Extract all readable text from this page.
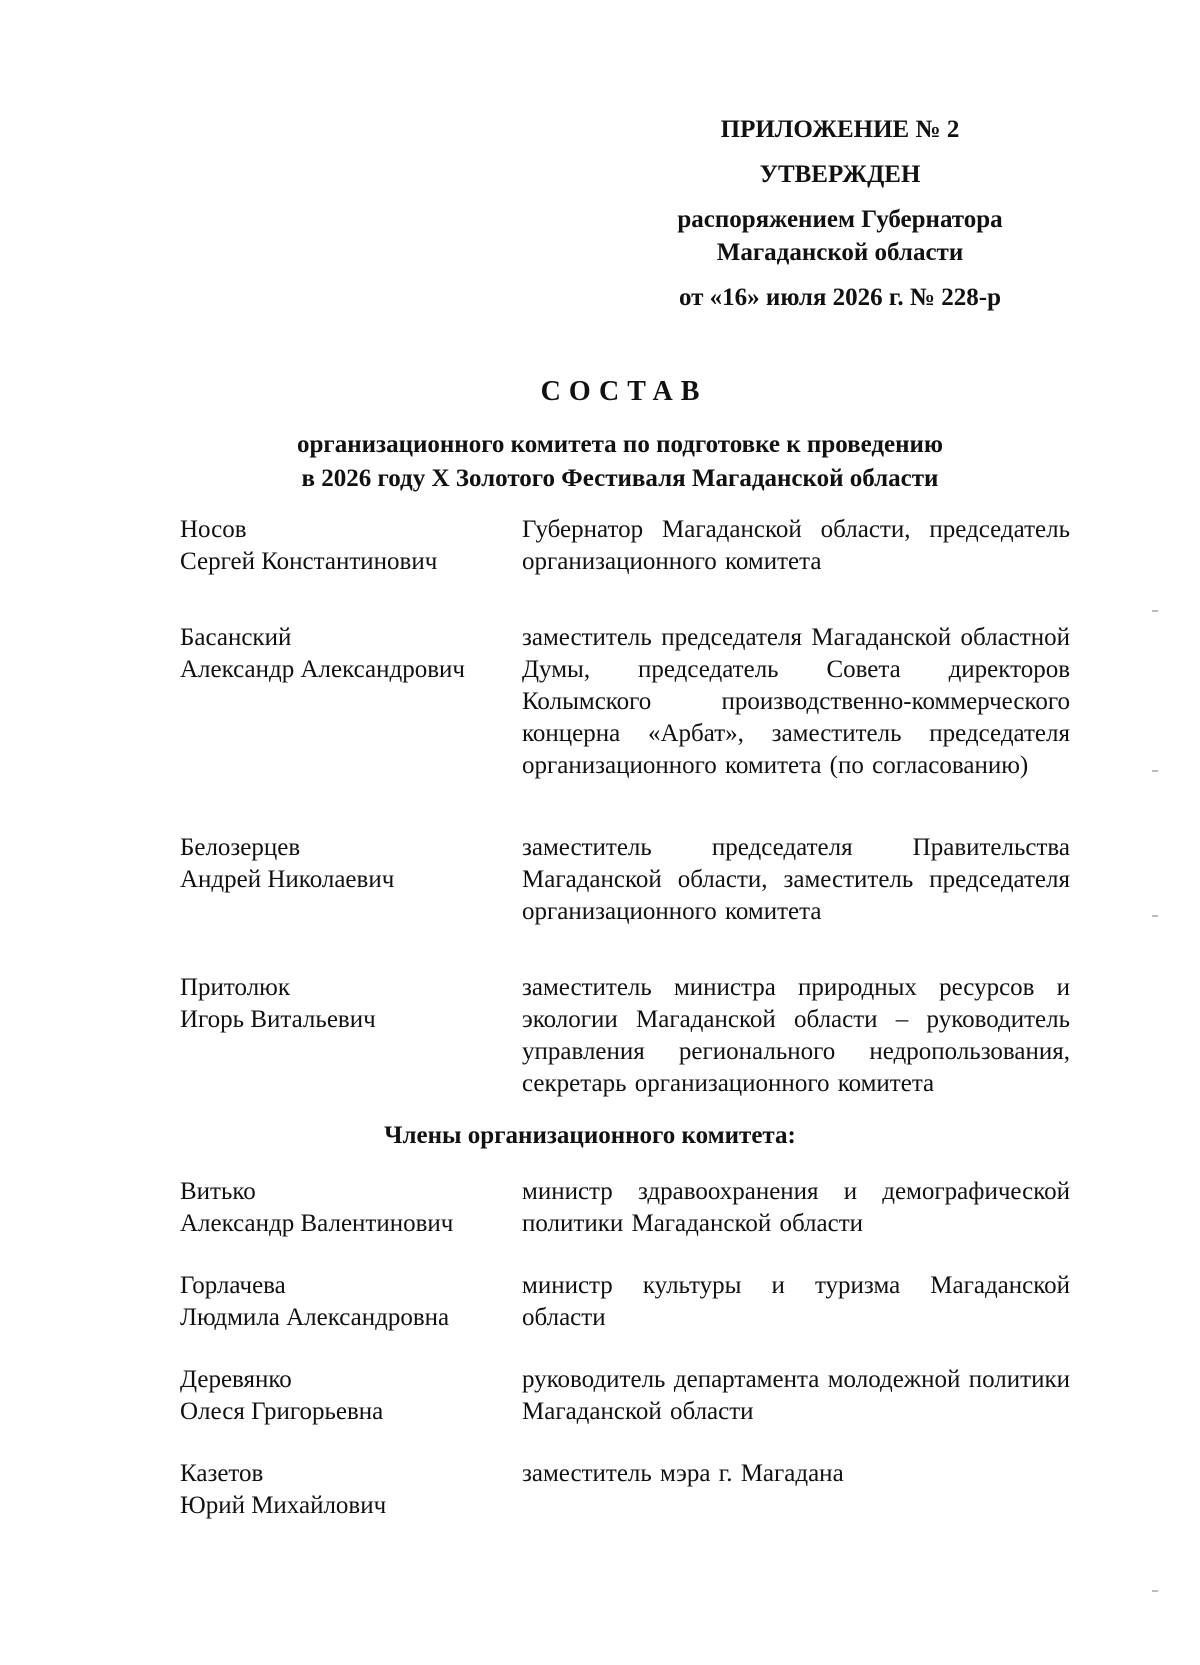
ПРИЛОЖЕНИЕ № 2
УТВЕРЖДЕН
распоряжением Губернатора
Магаданской области
от «16» июля 2026 г. № 228-р
СОСТАВ
организационного комитета по подготовке к проведению
в 2026 году X Золотого Фестиваля Магаданской области
Носов
Сергей Константинович
Губернатор Магаданской области, председатель организационного комитета
Басанский
Александр Александрович
заместитель председателя Магаданской областной Думы, председатель Совета директоров Колымского производственно-коммерческого концерна «Арбат», заместитель председателя организационного комитета (по согласованию)
Белозерцев
Андрей Николаевич
заместитель председателя Правительства Магаданской области, заместитель председателя организационного комитета
Притолюк
Игорь Витальевич
заместитель министра природных ресурсов и экологии Магаданской области – руководитель управления регионального недропользования, секретарь организационного комитета
Члены организационного комитета:
Витько
Александр Валентинович
министр здравоохранения и демографической политики Магаданской области
Горлачева
Людмила Александровна
министр культуры и туризма Магаданской области
Деревянко
Олеся Григорьевна
руководитель департамента молодежной политики Магаданской области
Казетов
Юрий Михайлович
заместитель мэра г. Магадана
